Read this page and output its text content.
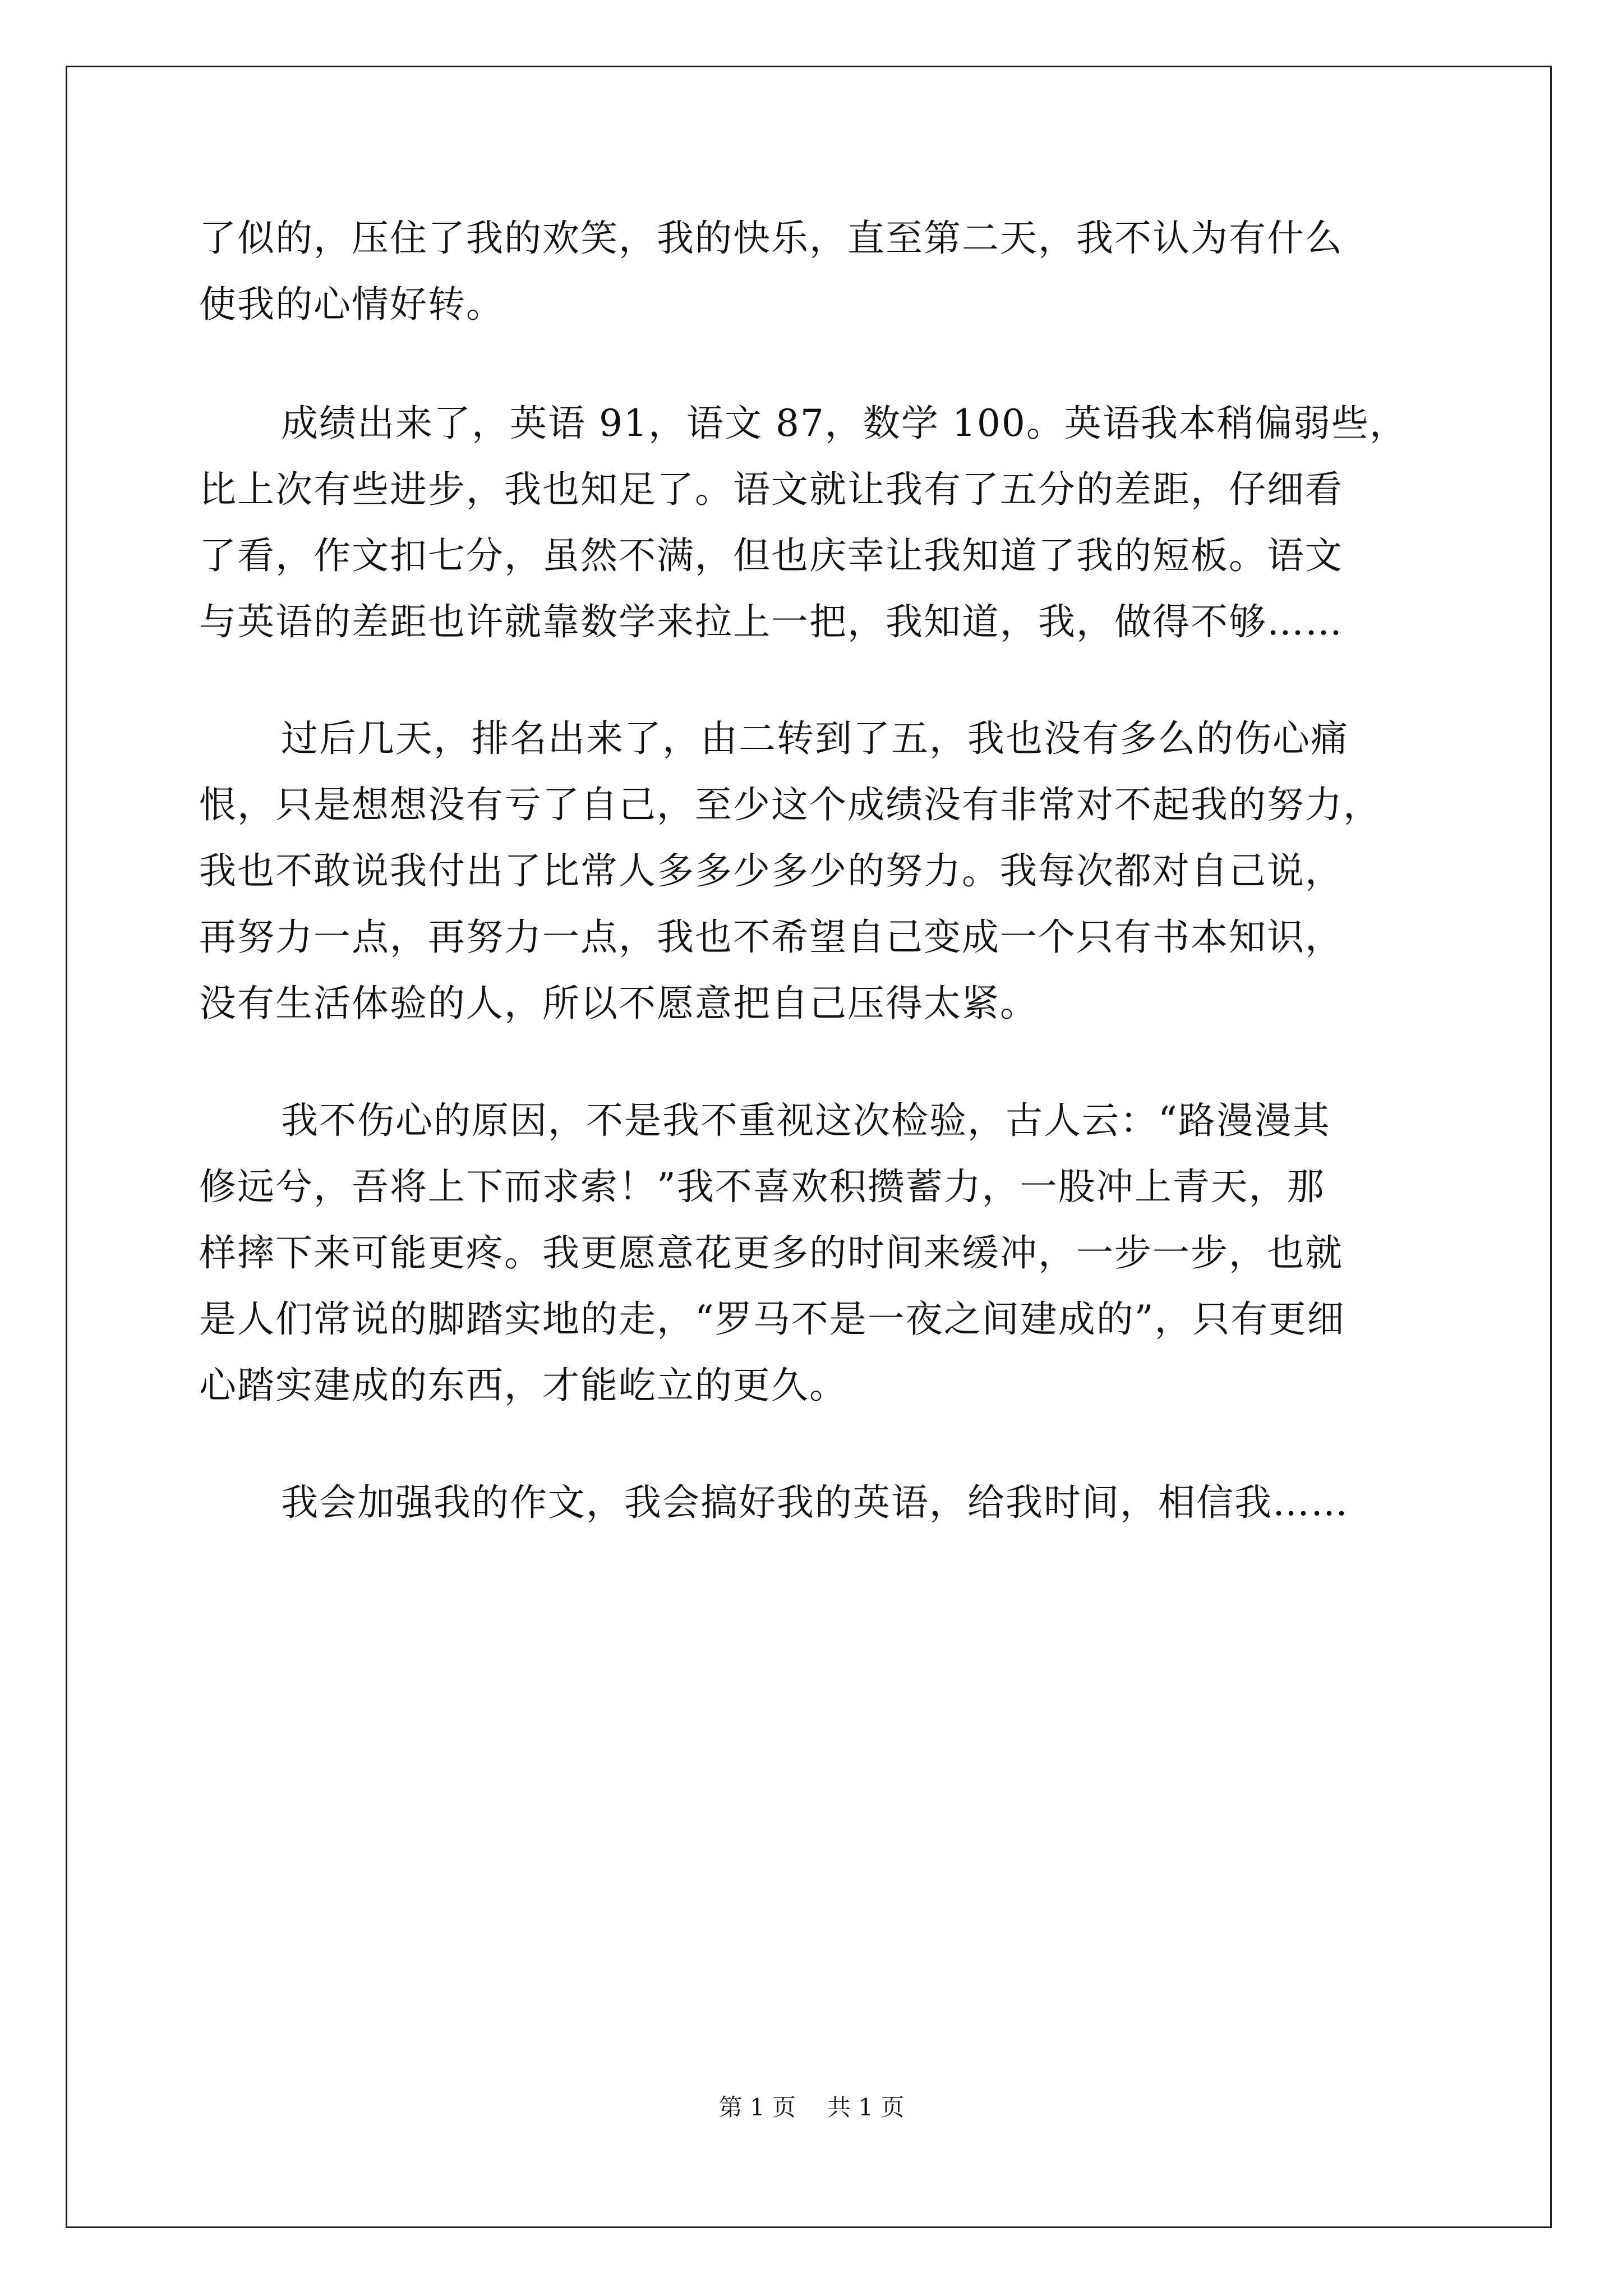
了似的，压住了我的欢笑，我的快乐，直至第二天，我不认为有什么
使我的心情好转。
成绩出来了，英语 91，语文 87，数学 100。英语我本稍偏弱些，
比上次有些进步，我也知足了。语文就让我有了五分的差距，仔细看
了看，作文扣七分，虽然不满，但也庆幸让我知道了我的短板。语文
与英语的差距也许就靠数学来拉上一把，我知道，我，做得不够……
过后几天，排名出来了，由二转到了五，我也没有多么的伤心痛
恨，只是想想没有亏了自己，至少这个成绩没有非常对不起我的努力，
我也不敢说我付出了比常人多多少多少的努力。我每次都对自己说，
再努力一点，再努力一点，我也不希望自己变成一个只有书本知识，
没有生活体验的人，所以不愿意把自己压得太紧。
我不伤心的原因，不是我不重视这次检验，古人云：“路漫漫其
修远兮，吾将上下而求索！”我不喜欢积攒蓄力，一股冲上青天，那
样摔下来可能更疼。我更愿意花更多的时间来缓冲，一步一步，也就
是人们常说的脚踏实地的走，“罗马不是一夜之间建成的”，只有更细
心踏实建成的东西，才能屹立的更久。
我会加强我的作文，我会搞好我的英语，给我时间，相信我……
第 1 页 共 1 页
